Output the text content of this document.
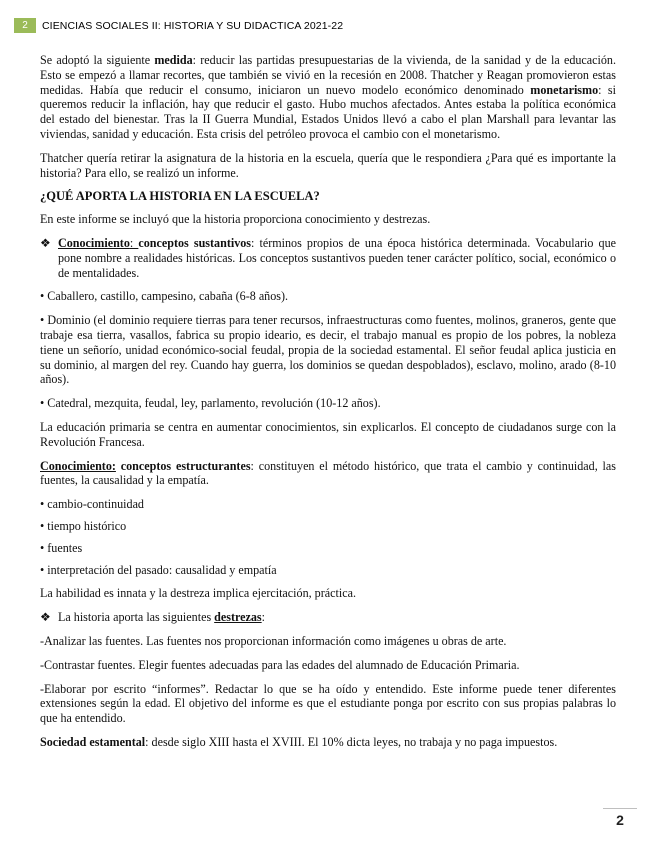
2	CIENCIAS SOCIALES II: HISTORIA Y SU DIDACTICA 2021-22

Se adoptó la siguiente medida: reducir las partidas presupuestarias de la vivienda, de la sanidad y de la educación. Esto se empezó a llamar recortes, que también se vivió en la recesión en 2008. Thatcher y Reagan promovieron estas medidas. Había que reducir el consumo, iniciaron un nuevo modelo económico denominado monetarismo: si queremos reducir la inflación, hay que reducir el gasto. Hubo muchos afectados. Antes estaba la política económica del estado del bienestar. Tras la II Guerra Mundial, Estados Unidos llevó a cabo el plan Marshall para levantar las viviendas, sanidad y educación. Esta crisis del petróleo provoca el cambio con el monetarismo.

Thatcher quería retirar la asignatura de la historia en la escuela, quería que le respondiera ¿Para qué es importante la historia? Para ello, se realizó un informe.

¿QUÉ APORTA LA HISTORIA EN LA ESCUELA?

En este informe se incluyó que la historia proporciona conocimiento y destrezas.

❖ Conocimiento: conceptos sustantivos: términos propios de una época histórica determinada. Vocabulario que pone nombre a realidades históricas. Los conceptos sustantivos pueden tener carácter político, social, económico o de mentalidades.

• Caballero, castillo, campesino, cabaña (6-8 años).

• Dominio (el dominio requiere tierras para tener recursos, infraestructuras como fuentes, molinos, graneros, gente que trabaje esa tierra, vasallos, fabrica su propio ideario, es decir, el trabajo manual es propio de los pobres, la nobleza tiene un señorío, unidad económico-social feudal, propia de la sociedad estamental. El señor feudal aplica justicia en su dominio, al margen del rey. Cuando hay guerra, los dominios se quedan despoblados), esclavo, molino, arado (8-10 años).

• Catedral, mezquita, feudal, ley, parlamento, revolución (10-12 años).

La educación primaria se centra en aumentar conocimientos, sin explicarlos. El concepto de ciudadanos surge con la Revolución Francesa.

Conocimiento: conceptos estructurantes: constituyen el método histórico, que trata el cambio y continuidad, las fuentes, la causalidad y la empatía.

• cambio-continuidad

• tiempo histórico

• fuentes

• interpretación del pasado: causalidad y empatía

La habilidad es innata y la destreza implica ejercitación, práctica.

❖ La historia aporta las siguientes destrezas:

-Analizar las fuentes. Las fuentes nos proporcionan información como imágenes u obras de arte.

-Contrastar fuentes. Elegir fuentes adecuadas para las edades del alumnado de Educación Primaria.

-Elaborar por escrito “informes”. Redactar lo que se ha oído y entendido. Este informe puede tener diferentes extensiones según la edad. El objetivo del informe es que el estudiante ponga por escrito con sus propias palabras lo que ha entendido.

Sociedad estamental: desde siglo XIII hasta el XVIII. El 10% dicta leyes, no trabaja y no paga impuestos.

2
